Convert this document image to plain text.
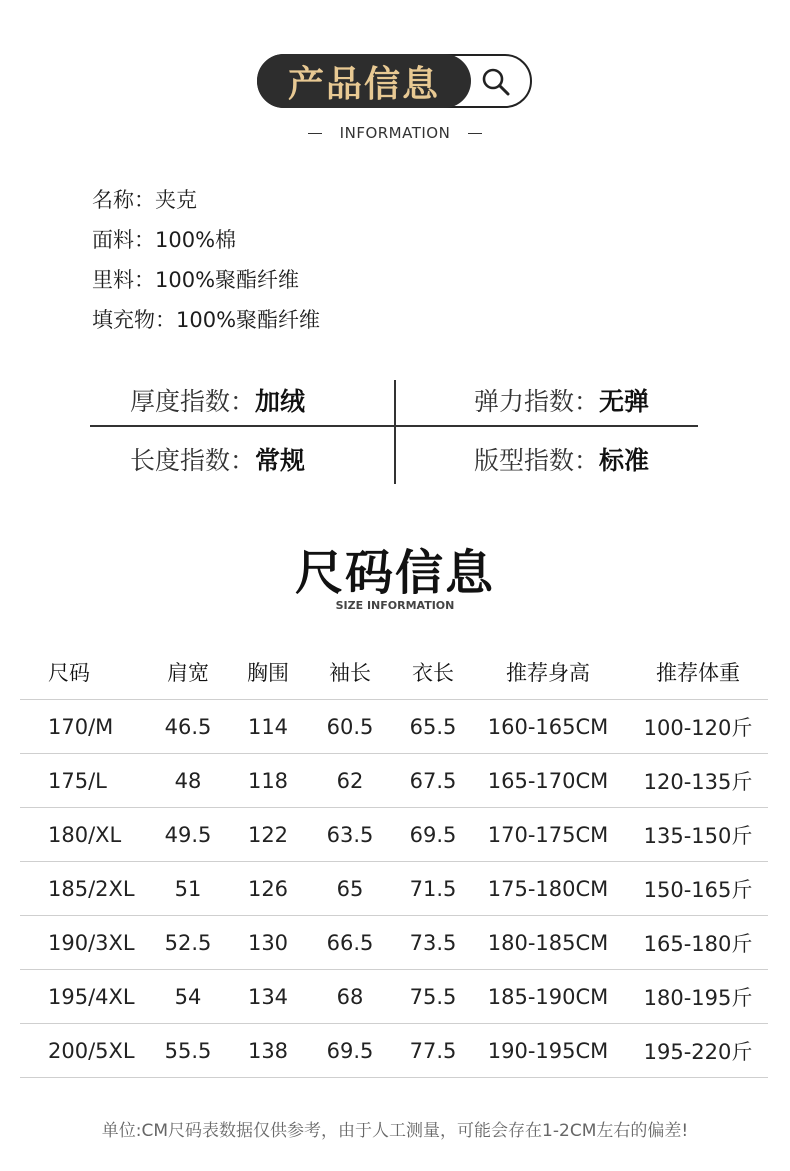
产品信息
INFORMATION
名称：夹克
面料：100%棉
里料：100%聚酯纤维
填充物：100%聚酯纤维
厚度指数：加绒	弹力指数：无弹
长度指数：常规	版型指数：标准
尺码信息
SIZE INFORMATION
尺码	肩宽	胸围	袖长	衣长	推荐身高	推荐体重
170/M	46.5	114	60.5	65.5	160-165CM	100-120斤
175/L	48	118	62	67.5	165-170CM	120-135斤
180/XL	49.5	122	63.5	69.5	170-175CM	135-150斤
185/2XL	51	126	65	71.5	175-180CM	150-165斤
190/3XL	52.5	130	66.5	73.5	180-185CM	165-180斤
195/4XL	54	134	68	75.5	185-190CM	180-195斤
200/5XL	55.5	138	69.5	77.5	190-195CM	195-220斤
单位:CM尺码表数据仅供参考，由于人工测量，可能会存在1-2CM左右的偏差!
